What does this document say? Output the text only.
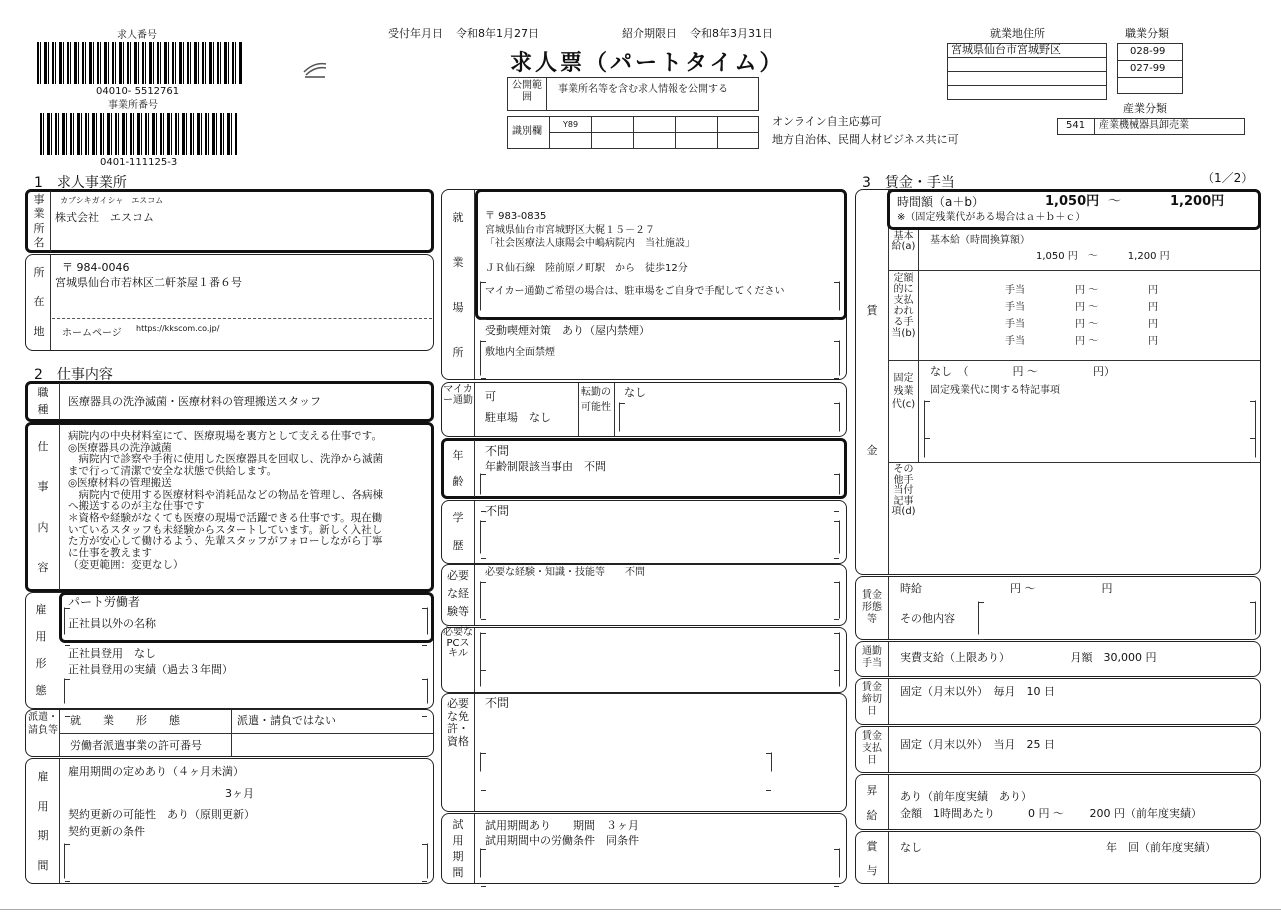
求人番号
04010- 5512761
事業所番号
0401-111125-3
受付年月日 令和8年1月27日	紹介期限日 令和8年3月31日
求人票（パートタイム）
公開範囲
事業所名等を含む求人情報を公開する
識別欄
Y89	オンライン自主応募可
地方自治体、民間人材ビジネス共に可
就業地住所
宮城県仙台市宮城野区
職業分類
028-99
027-99
産業分類
541 産業機械器具卸売業
1　求人事業所
事
業
所
名
カブシキガイシャ　エスコム
株式会社　エスコム
所
在
地
〒 984-0046
宮城県仙台市若林区二軒茶屋１番６号
ホームページ https://kkscom.co.jp/
2　仕事内容
職
種
医療器具の洗浄滅菌・医療材料の管理搬送スタッフ
仕
事
内
容
病院内の中央材料室にて、医療現場を裏方として支える仕事です。
◎医療器具の洗浄滅菌
　病院内で診察や手術に使用した医療器具を回収し、洗浄から滅菌
まで行って清潔で安全な状態で供給します。
◎医療材料の管理搬送
　病院内で使用する医療材料や消耗品などの物品を管理し、各病棟
へ搬送するのが主な仕事です
＊資格や経験がなくても医療の現場で活躍できる仕事です。現在働
いているスタッフも未経験からスタートしています。新しく入社し
た方が安心して働けるよう、先輩スタッフがフォローしながら丁寧
に仕事を教えます
（変更範囲：変更なし）
雇
用
形
態
パート労働者
正社員以外の名称
正社員登用　なし
正社員登用の実績（過去３年間）
派遣・請負等
就　　業　　形　　態	派遣・請負ではない
労働者派遣事業の許可番号
雇
用
期
間
雇用期間の定めあり（４ヶ月未満）
3ヶ月
契約更新の可能性　あり（原則更新）
契約更新の条件
就
業
場
所
〒 983-0835
宮城県仙台市宮城野区大梶１５－２７
「社会医療法人康陽会中嶋病院内　当社施設」
ＪＲ仙石線　陸前原ノ町駅　から　徒歩12分
マイカー通勤ご希望の場合は、駐車場をご自身で手配してください
受動喫煙対策　あり（屋内禁煙）
敷地内全面禁煙
マイカー通勤 可
駐車場　なし
転勤の可能性
なし
年
齢
不問
年齢制限該当事由　不問
学
歴
不問
必要な経験等
必要な経験・知識・技能等　　不問
必要なPCスキル
必要な免許・資格
不問
試
用
期
間
試用期間あり　　期間　３ヶ月
試用期間中の労働条件　同条件
3　賃金・手当	（1／2）
賃
金
時間額（a＋b）	1,050円 〜	1,200円
※（固定残業代がある場合はａ＋ｂ＋ｃ）
基本給(a)
基本給（時間換算額）
1,050 円　〜　　　1,200 円
定額的に支払われる手当(b)
手当　　　　　円 〜　　　　　円
手当　　　　　円 〜　　　　　円
手当　　　　　円 〜　　　　　円
手当　　　　　円 〜　　　　　円
固定残業代(c)
なし　（　　　　円 〜　　　　　円）
固定残業代に関する特記事項
その他手当付記事項(d)
賃金形態等
時給　　　　　　　　円 〜　　　　　　円
その他内容
通勤手当	実費支給（上限あり）　　　　　　月額　30,000 円
賃金締切日
固定（月末以外）　毎月　10 日
賃金支払日
固定（月末以外）　当月　25 日
昇
給
あり（前年度実績　あり）
金額　1時間あたり　　　0 円 〜　　 200 円（前年度実績）
賞
与
なし	年　回（前年度実績）
